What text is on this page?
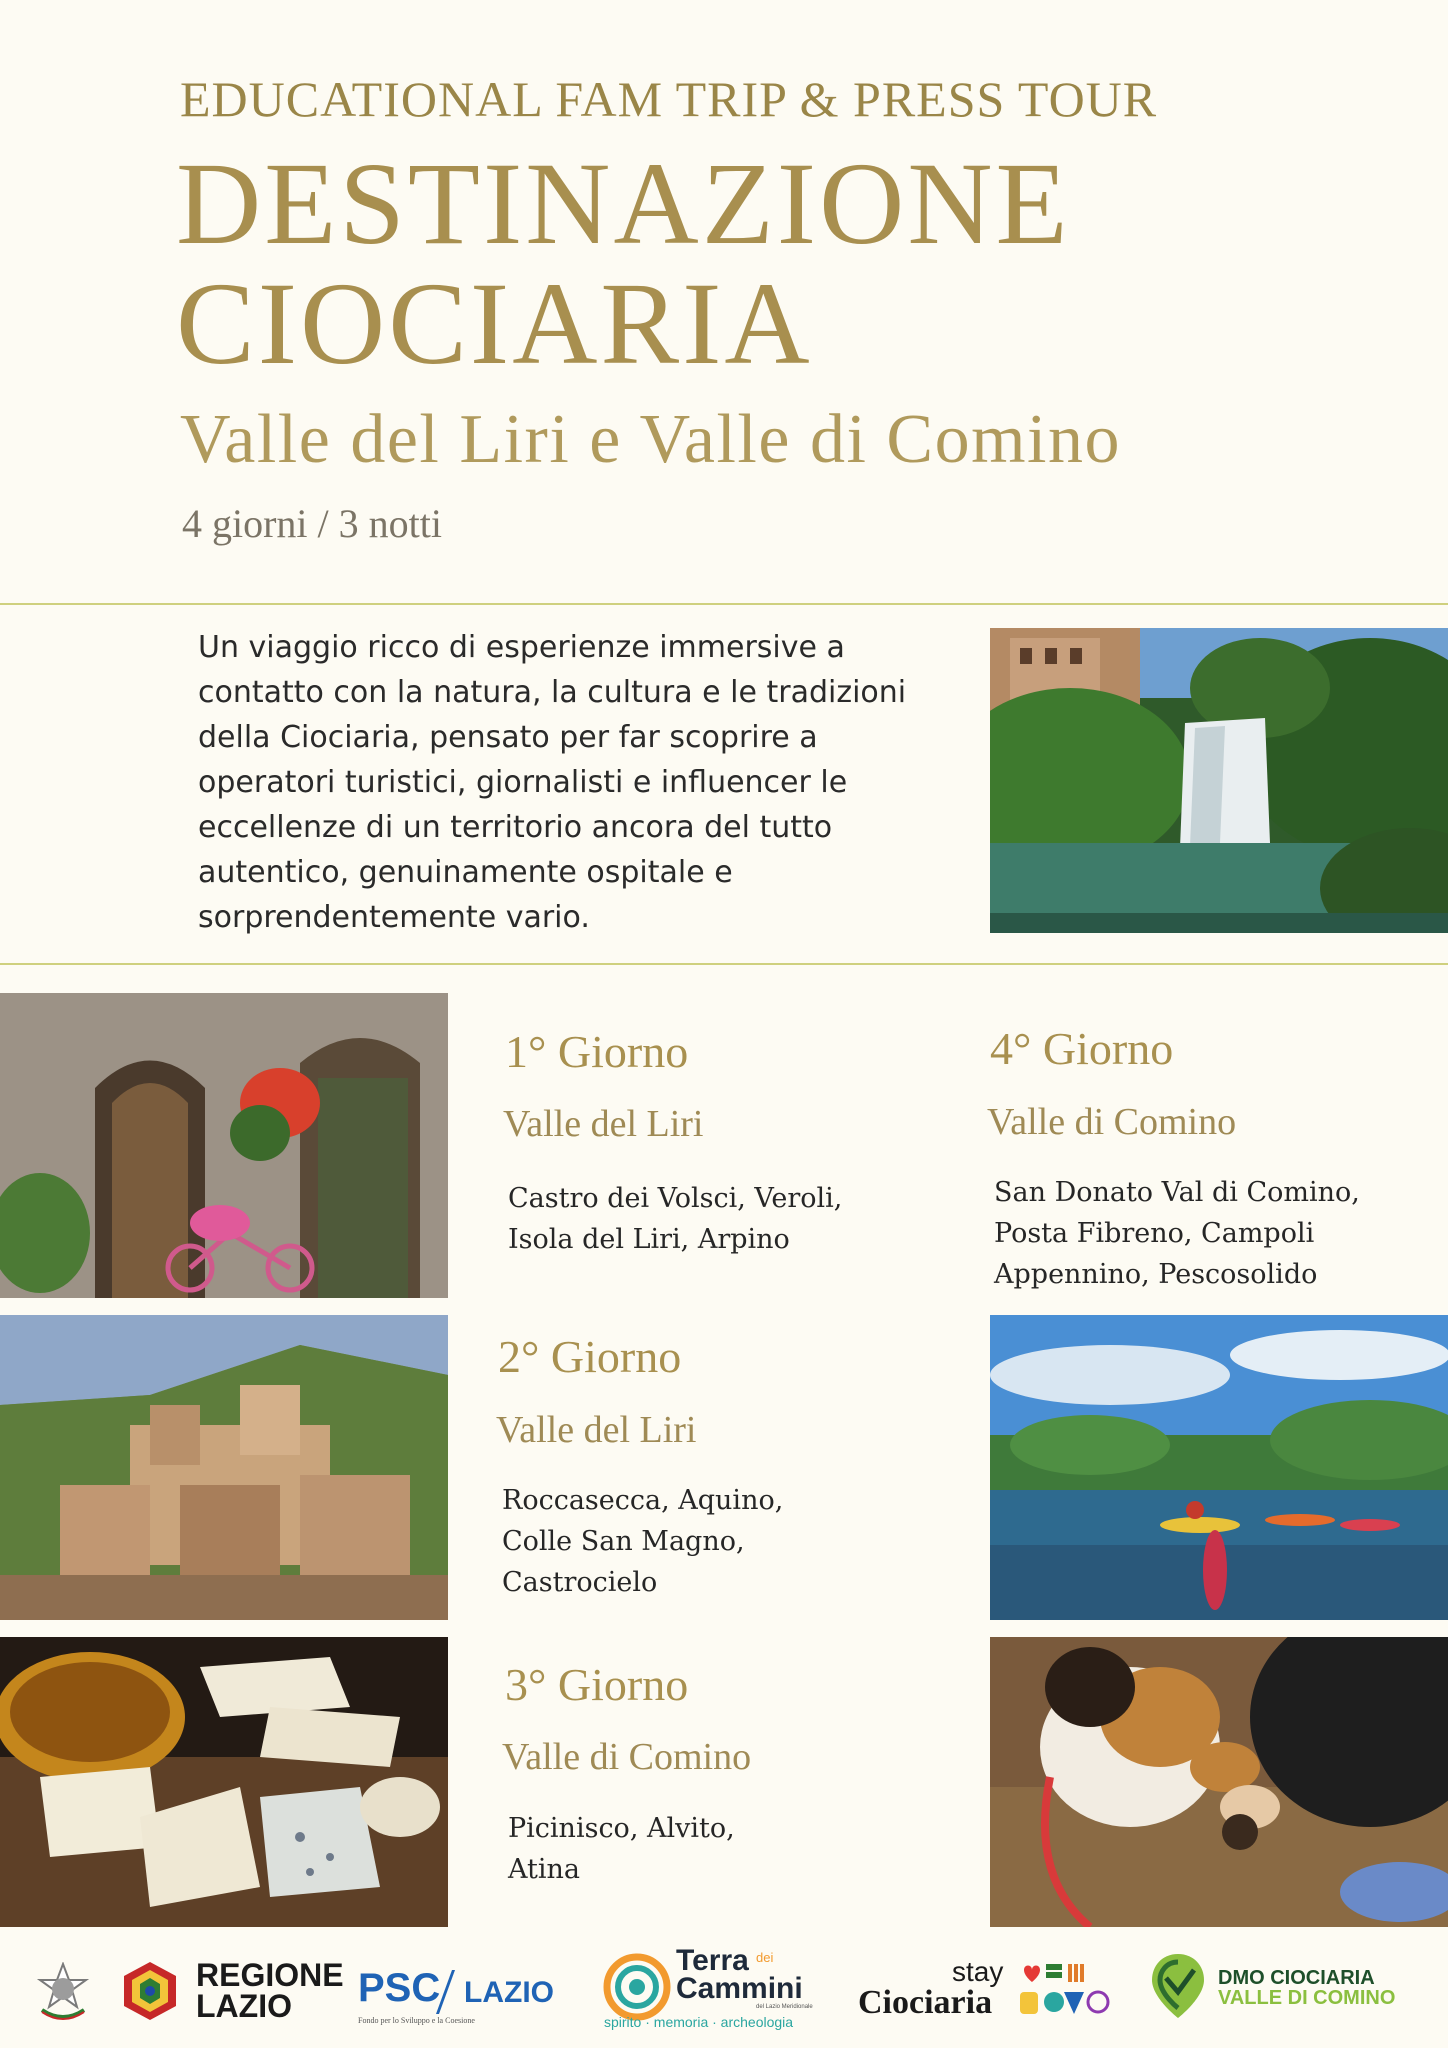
EDUCATIONAL FAM TRIP & PRESS TOUR
DESTINAZIONE
CIOCIARIA
Valle del Liri e Valle di Comino
4 giorni / 3 notti
Un viaggio ricco di esperienze immersive a contatto con la natura, la cultura e le tradizioni della Ciociaria, pensato per far scoprire a operatori turistici, giornalisti e influencer le eccellenze di un territorio ancora del tutto autentico, genuinamente ospitale e sorprendentemente vario.
1° Giorno
Valle del Liri
Castro dei Volsci, Veroli,
Isola del Liri, Arpino
4° Giorno
Valle di Comino
San Donato Val di Comino,
Posta Fibreno, Campoli
Appennino, Pescosolido
2° Giorno
Valle del Liri
Roccasecca, Aquino,
Colle San Magno,
Castrocielo
3° Giorno
Valle di Comino
Picinisco, Alvito,
Atina
REGIONE
LAZIO	PSC LAZIO
Fondo per lo Sviluppo e la Coesione
Terra dei
Cammini
del Lazio Meridionale
spirito · memoria · archeologia
stay
Ciociaria
DMO CIOCIARIA
VALLE DI COMINO
